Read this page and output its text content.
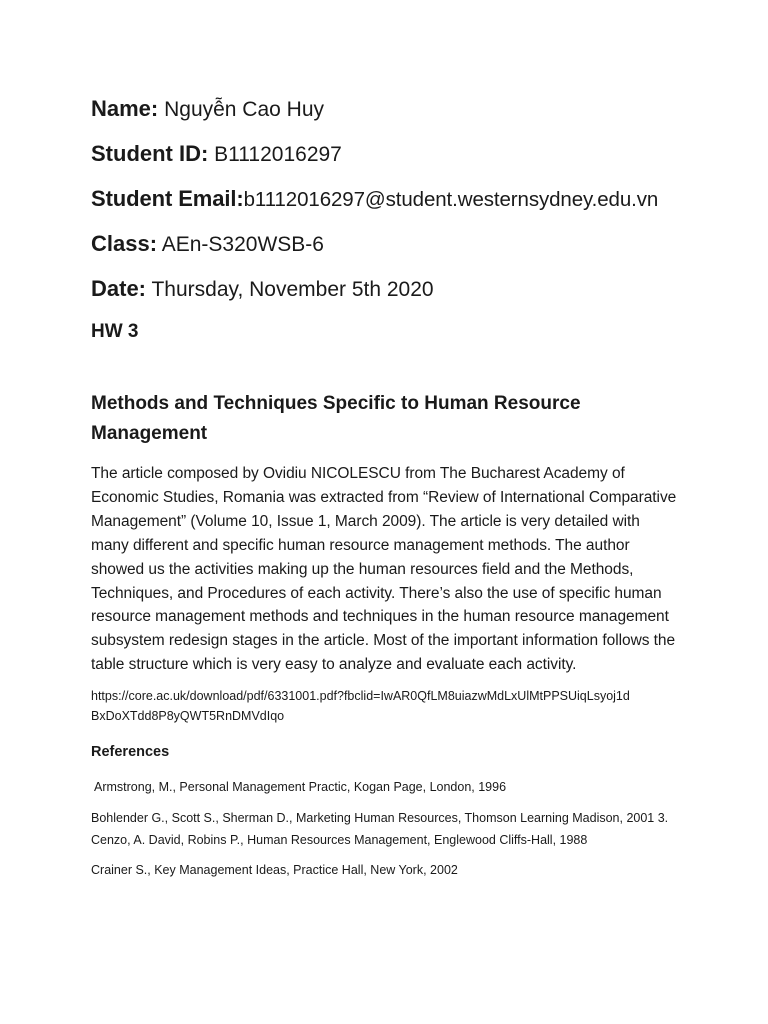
Name: Nguyễn Cao Huy
Student ID: B1112016297
Student Email:b1112016297@student.westernsydney.edu.vn
Class: AEn-S320WSB-6
Date: Thursday, November 5th 2020
HW 3
Methods and Techniques Specific to Human Resource Management

The article composed by Ovidiu NICOLESCU from The Bucharest Academy of Economic Studies, Romania was extracted from “Review of International Comparative Management” (Volume 10, Issue 1, March 2009). The article is very detailed with many different and specific human resource management methods. The author showed us the activities making up the human resources field and the Methods, Techniques, and Procedures of each activity. There’s also the use of specific human resource management methods and techniques in the human resource management subsystem redesign stages in the article. Most of the important information follows the table structure which is very easy to analyze and evaluate each activity.

https://core.ac.uk/download/pdf/6331001.pdf?fbclid=IwAR0QfLM8uiazwMdLxUlMtPPSUiqLsyoj1dBxDoXTdd8P8yQWT5RnDMVdIqo

References

Armstrong, M., Personal Management Practic, Kogan Page, London, 1996

Bohlender G., Scott S., Sherman D., Marketing Human Resources, Thomson Learning Madison, 2001 3. Cenzo, A. David, Robins P., Human Resources Management, Englewood Cliffs-Hall, 1988

Crainer S., Key Management Ideas, Practice Hall, New York, 2002
